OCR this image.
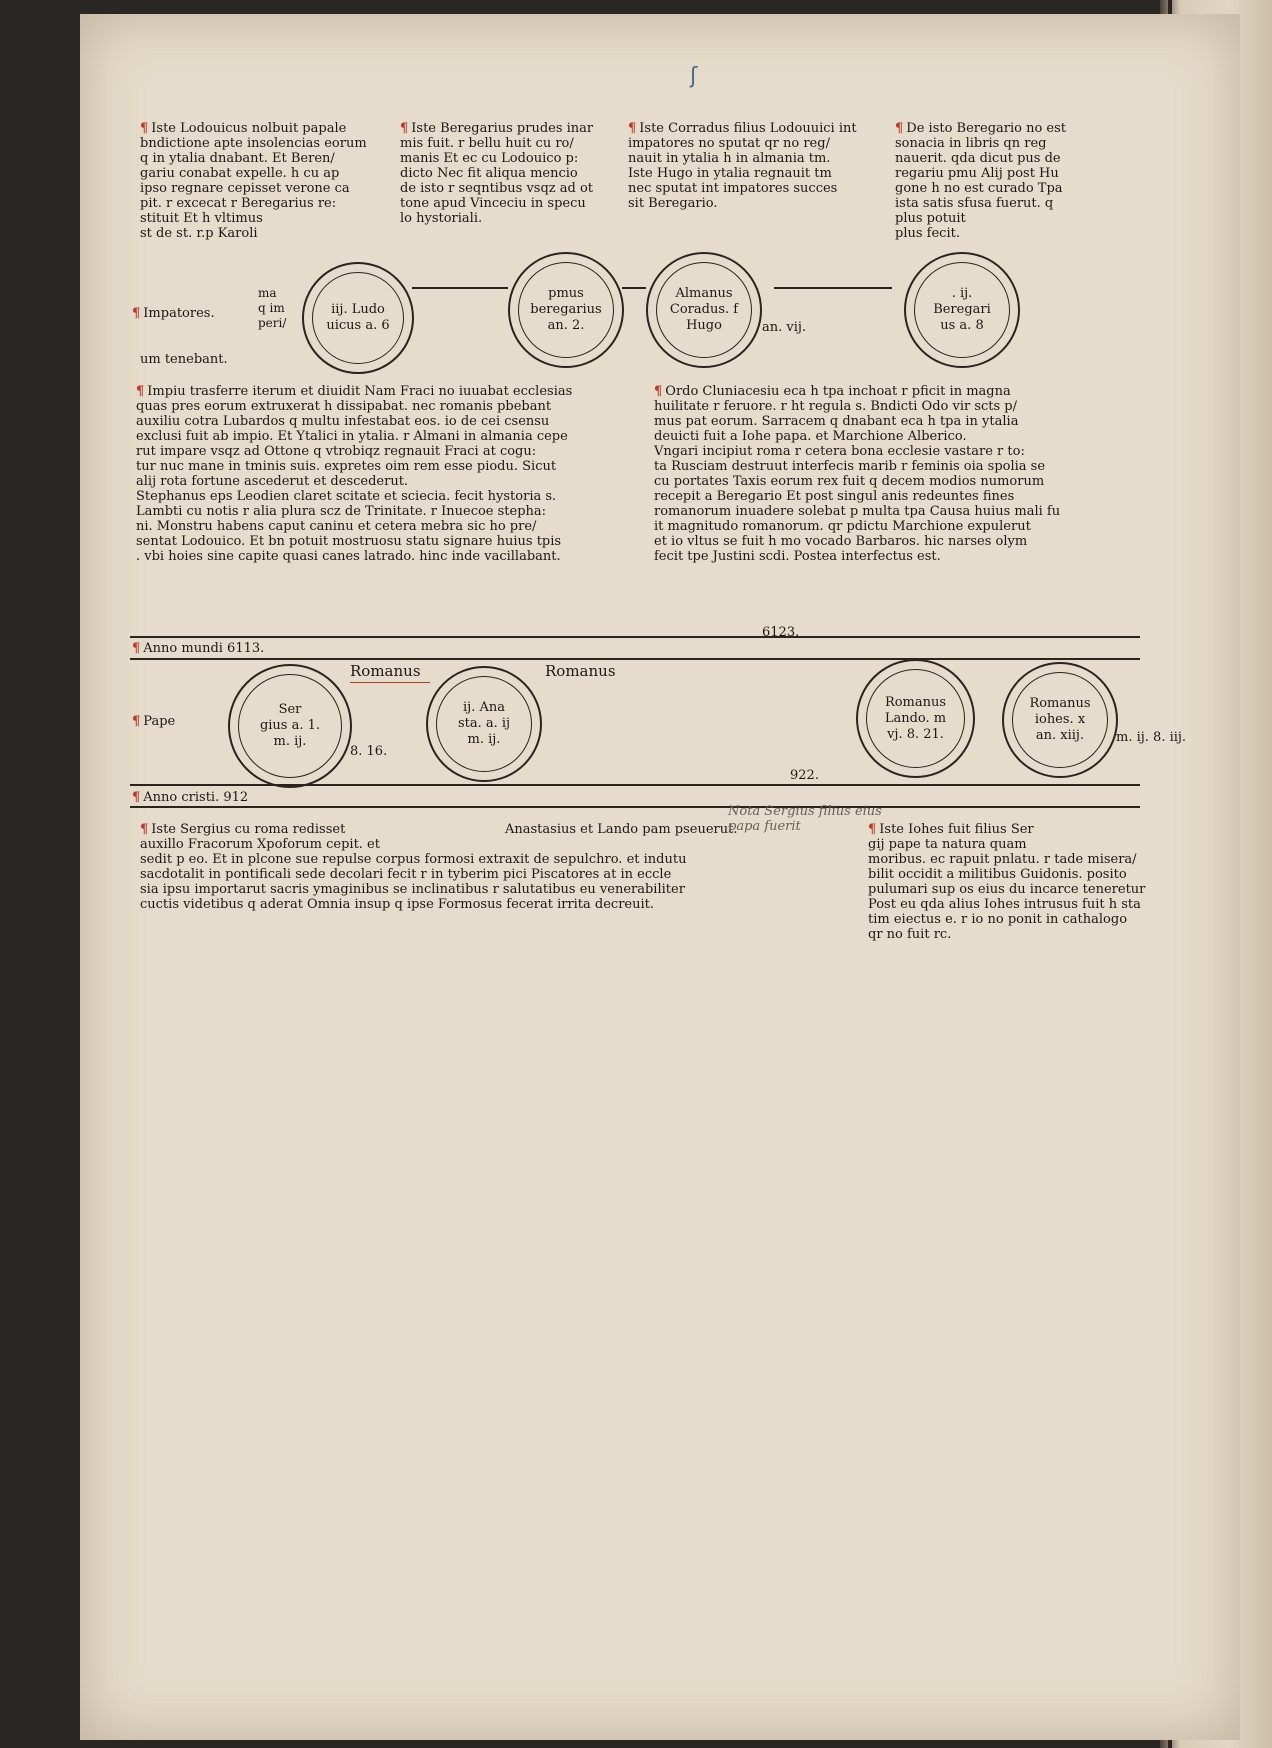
ʃ

¶ Iste Lodouicus nolbuit papale
bndictione apte insolencias eorum
q in ytalia dnabant. Et Beren/
gariu conabat expelle. h cu ap
ipso regnare cepisset verone ca
pit. r excecat r Beregarius re:
stituit Et h vltimus
st de st. r.p Karoli

¶ Iste Beregarius prudes inar
mis fuit. r bellu huit cu ro/
manis Et ec cu Lodouico p:
dicto Nec fit aliqua mencio
de isto r seqntibus vsqz ad ot
tone apud Vinceciu in specu
lo hystoriali.

¶ Iste Corradus filius Lodouuici int
impatores no sputat qr no reg/
nauit in ytalia h in almania tm.
Iste Hugo in ytalia regnauit tm
nec sputat int impatores succes
sit Beregario.

¶ De isto Beregario no est
sonacia in libris qn reg
nauerit. qda dicut pus de
regariu pmu Alij post Hu
gone h no est curado Tpa
ista satis sfusa fuerut. q
plus potuit
plus fecit.

¶ Impatores.
ma
q im
peri/
um tenebant.
iij. Ludo
uicus a. 6
pmus
beregarius
an. 2.
Almanus
Coradus. f
Hugo	an. vij.
. ij.
Beregari
us a. 8
¶ Impiu trasferre iterum et diuidit Nam Fraci no iuuabat ecclesias
quas pres eorum extruxerat h dissipabat. nec romanis pbebant
auxiliu cotra Lubardos q multu infestabat eos. io de cei csensu
exclusi fuit ab impio. Et Ytalici in ytalia. r Almani in almania cepe
rut impare vsqz ad Ottone q vtrobiqz regnauit Fraci at cogu:
tur nuc mane in tminis suis. expretes oim rem esse piodu. Sicut
alij rota fortune ascederut et descederut.
Stephanus eps Leodien claret scitate et sciecia. fecit hystoria s.
Lambti cu notis r alia plura scz de Trinitate. r Inuecoe stepha:
ni. Monstru habens caput caninu et cetera mebra sic ho pre/
sentat Lodouico. Et bn potuit mostruosu statu signare huius tpis
. vbi hoies sine capite quasi canes latrado. hinc inde vacillabant.
¶ Ordo Cluniacesiu eca h tpa inchoat r pficit in magna
huilitate r feruore. r ht regula s. Bndicti Odo vir scts p/
mus pat eorum. Sarracem q dnabant eca h tpa in ytalia
deuicti fuit a Iohe papa. et Marchione Alberico.
Vngari incipiut roma r cetera bona ecclesie vastare r to:
ta Rusciam destruut interfecis marib r feminis oia spolia se
cu portates Taxis eorum rex fuit q decem modios numorum
recepit a Beregario Et post singul anis redeuntes fines
romanorum inuadere solebat p multa tpa Causa huius mali fu
it magnitudo romanorum. qr pdictu Marchione expulerut
et io vltus se fuit h mo vocado Barbaros. hic narses olym
fecit tpe Justini scdi. Postea interfectus est.
¶ Anno mundi 6113.
6123.
Romanus	Romanus
¶ Pape
Ser
gius a. 1.
m. ij.
8. 16.
ij. Ana
sta. a. ij
m. ij.
Romanus
Lando. m
vj. 8. 21.
Romanus
iohes. x
an. xiij.	m. ij. 8. iij.
922.
¶ Anno cristi. 912
¶ Iste Sergius cu roma redisset
auxillo Fracorum Xpoforum cepit. et
sedit p eo. Et in plcone sue repulse corpus formosi extraxit de sepulchro. et indutu
sacdotalit in pontificali sede decolari fecit r in tyberim pici Piscatores at in eccle
sia ipsu importarut sacris ymaginibus se inclinatibus r salutatibus eu venerabiliter
cuctis videtibus q aderat Omnia insup q ipse Formosus fecerat irrita decreuit.
Anastasius et Lando pam pseuerut.
Nota Sergius filius eius
papa fuerit	¶ Iste Iohes fuit filius Ser
gij pape ta natura quam
moribus. ec rapuit pnlatu. r tade misera/
bilit occidit a militibus Guidonis. posito
pulumari sup os eius du incarce teneretur
Post eu qda alius Iohes intrusus fuit h sta
tim eiectus e. r io no ponit in cathalogo
qr no fuit rc.
